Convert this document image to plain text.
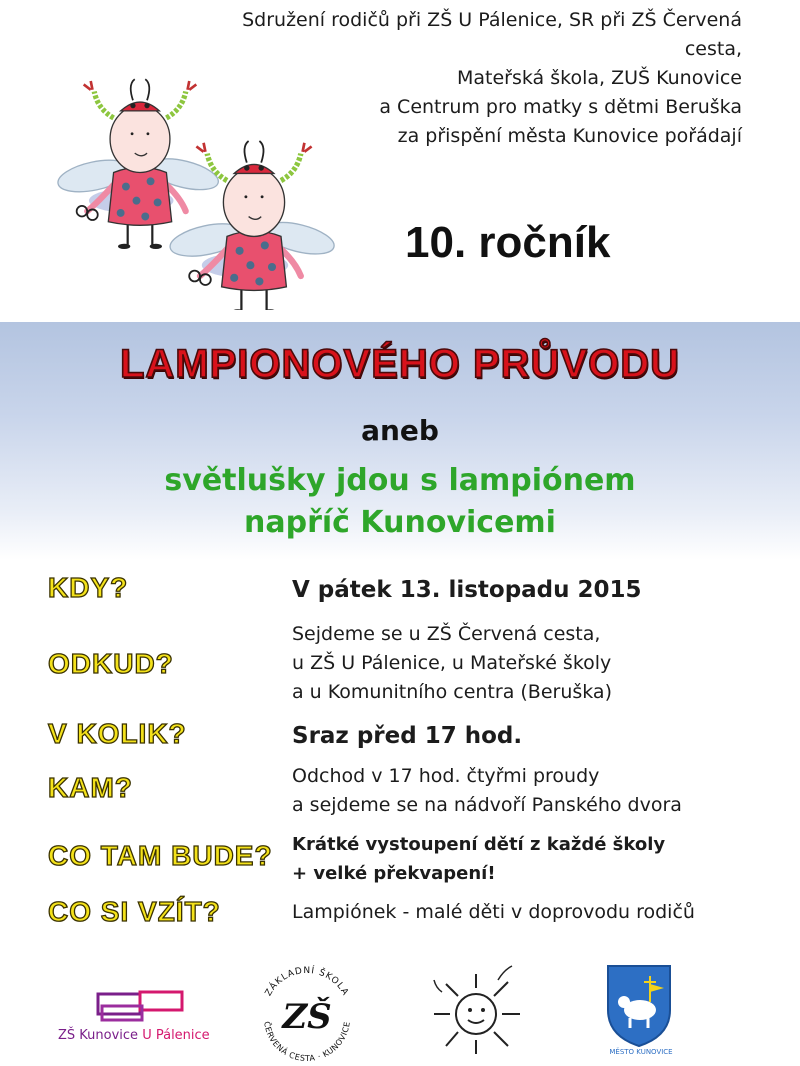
Sdružení rodičů při ZŠ U Pálenice, SR při ZŠ Červená cesta,
Mateřská škola, ZUŠ Kunovice
a Centrum pro matky s dětmi Beruška
za přispění města Kunovice pořádají
10. ročník
LAMPIONOVÉHO PRŮVODU
aneb
světlušky jdou s lampiónem
napříč Kunovicemi
KDY?	V pátek 13. listopadu 2015
ODKUD?
Sejdeme se u ZŠ Červená cesta,
u ZŠ U Pálenice, u Mateřské školy
a u Komunitního centra (Beruška)
V KOLIK?	Sraz před 17 hod.
KAM?	Odchod v 17 hod. čtyřmi proudy
a sejdeme se na nádvoří Panského dvora
CO TAM BUDE? Krátké vystoupení dětí z každé školy
+ velké překvapení!
CO SI VZÍT?	Lampiónek - malé děti v doprovodu rodičů
ZŠ Kunovice U Pálenice
ZÁKLADNÍ ŠKOLA
ČERVENÁ CESTA · KUNOVICE
ZŠ
MĚSTO KUNOVICE
